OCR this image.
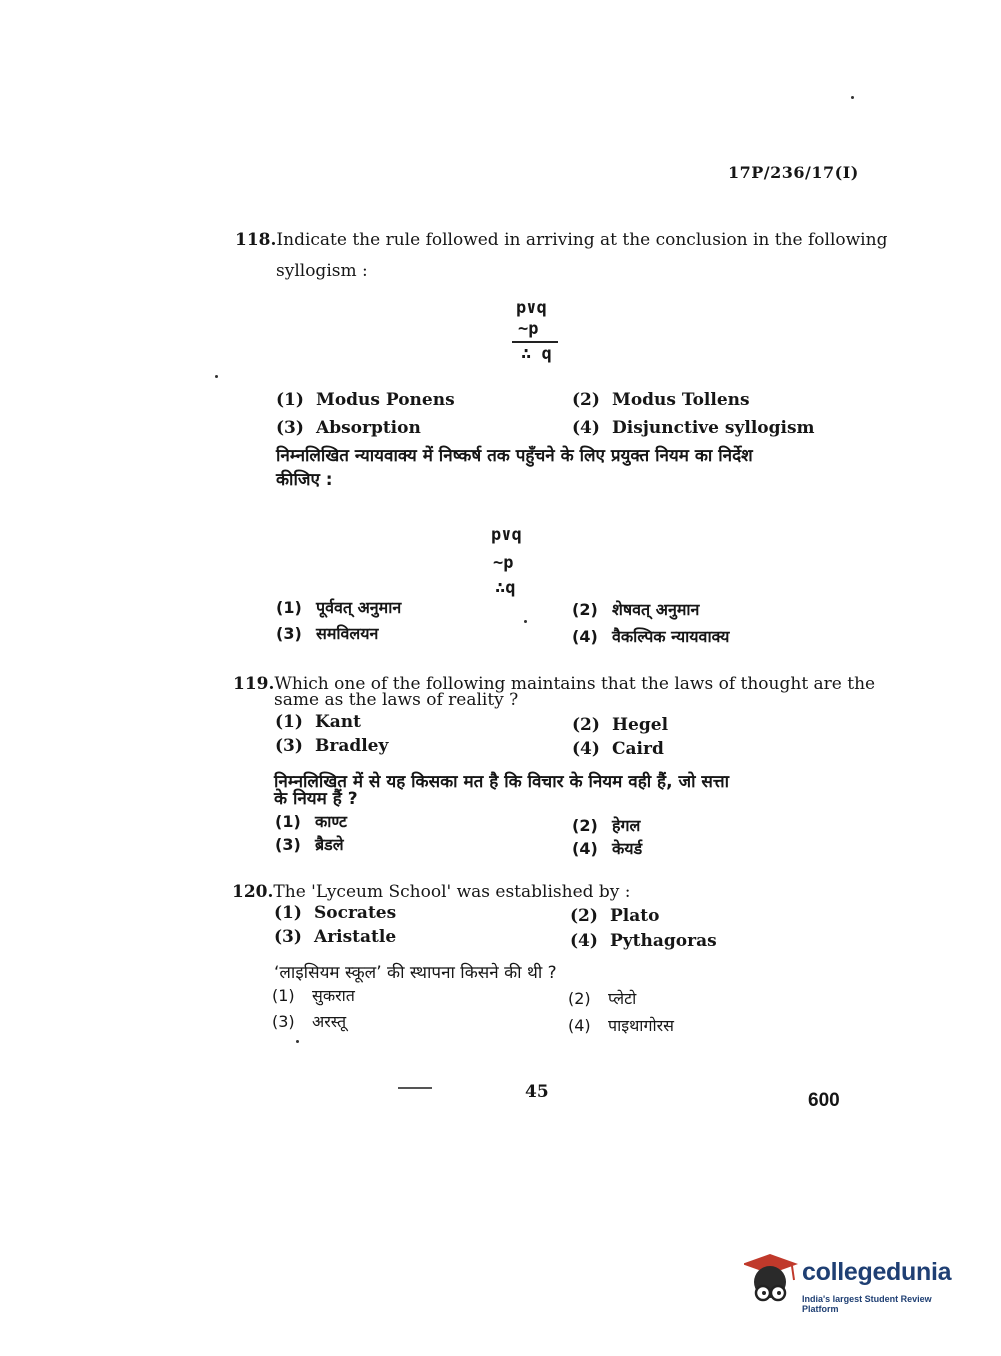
17P/236/17(I)
118.Indicate the rule followed in arriving at the conclusion in the following
syllogism :
p∨q
~p
∴ q
(1) Modus Ponens	(2) Modus Tollens
(3) Absorption	(4) Disjunctive syllogism
निम्नलिखित न्यायवाक्य में निष्कर्ष तक पहुँचने के लिए प्रयुक्त नियम का निर्देश
कीजिए :
p∨q
~p
∴q
(1) पूर्ववत् अनुमान	(2) शेषवत् अनुमान
(3) समविलयन	(4) वैकल्पिक न्यायवाक्य
119.Which one of the following maintains that the laws of thought are the
same as the laws of reality ?
(1) Kant	(2) Hegel
(3) Bradley	(4) Caird
निम्नलिखित में से यह किसका मत है कि विचार के नियम वही हैं, जो सत्ता
के नियम हैं ?
(1) काण्ट	(2) हेगल
(3) ब्रैडले	(4) केयर्ड
120.The 'Lyceum School' was established by :
(1) Socrates	(2) Plato
(3) Aristatle	(4) Pythagoras
‘लाइसियम स्कूल’ की स्थापना किसने की थी ?
(1) सुकरात	(2) प्लेटो
(3) अरस्तू	(4) पाइथागोरस
45	600
collegedunia
India's largest Student Review Platform
